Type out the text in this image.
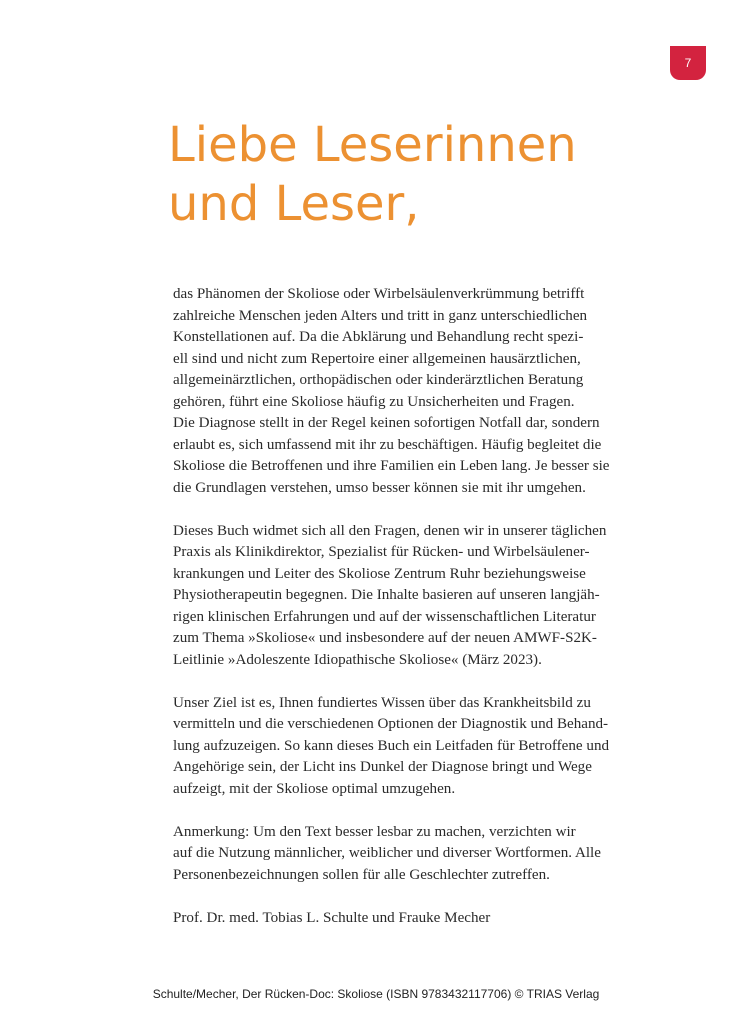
7
Liebe Leserinnen
und Leser,

das Phänomen der Skoliose oder Wirbelsäulenverkrümmung betrifft
zahlreiche Menschen jeden Alters und tritt in ganz unterschiedlichen
Konstellationen auf. Da die Abklärung und Behandlung recht spezi-
ell sind und nicht zum Repertoire einer allgemeinen hausärztlichen,
allgemeinärztlichen, orthopädischen oder kinderärztlichen Beratung
gehören, führt eine Skoliose häufig zu Unsicherheiten und Fragen.
Die Diagnose stellt in der Regel keinen sofortigen Notfall dar, sondern
erlaubt es, sich umfassend mit ihr zu beschäftigen. Häufig begleitet die
Skoliose die Betroffenen und ihre Familien ein Leben lang. Je besser sie
die Grundlagen verstehen, umso besser können sie mit ihr umgehen.

Dieses Buch widmet sich all den Fragen, denen wir in unserer täglichen
Praxis als Klinikdirektor, Spezialist für Rücken- und Wirbelsäulener-
krankungen und Leiter des Skoliose Zentrum Ruhr beziehungsweise
Physiotherapeutin begegnen. Die Inhalte basieren auf unseren langjäh-
rigen klinischen Erfahrungen und auf der wissenschaftlichen Literatur
zum Thema »Skoliose« und insbesondere auf der neuen AMWF-S2K-
Leitlinie »Adoleszente Idiopathische Skoliose« (März 2023).

Unser Ziel ist es, Ihnen fundiertes Wissen über das Krankheitsbild zu
vermitteln und die verschiedenen Optionen der Diagnostik und Behand-
lung aufzuzeigen. So kann dieses Buch ein Leitfaden für Betroffene und
Angehörige sein, der Licht ins Dunkel der Diagnose bringt und Wege
aufzeigt, mit der Skoliose optimal umzugehen.

Anmerkung: Um den Text besser lesbar zu machen, verzichten wir
auf die Nutzung männlicher, weiblicher und diverser Wortformen. Alle
Personenbezeichnungen sollen für alle Geschlechter zutreffen.

Prof. Dr. med. Tobias L. Schulte und Frauke Mecher

Schulte/Mecher, Der Rücken-Doc: Skoliose (ISBN 9783432117706) © TRIAS Verlag
